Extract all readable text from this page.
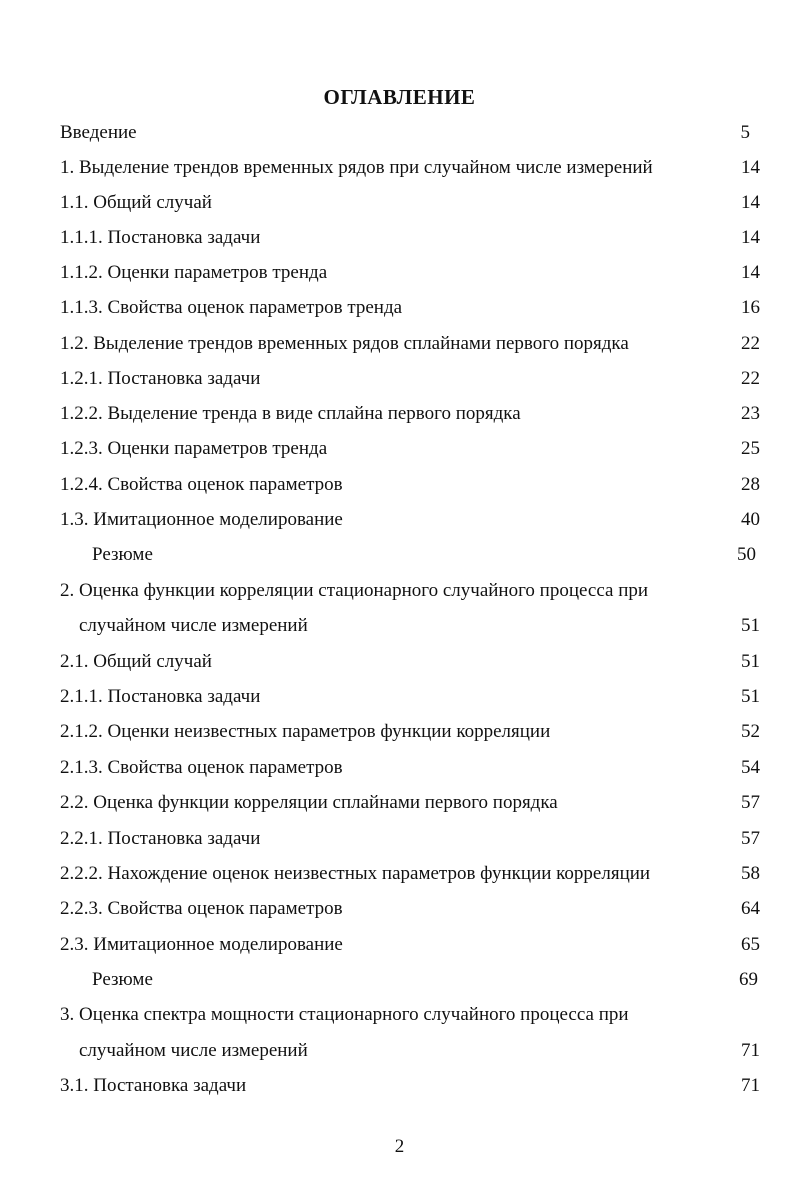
ОГЛАВЛЕНИЕ
Введение	5
1. Выделение трендов временных рядов при случайном числе измерений	14
1.1. Общий случай	14
1.1.1. Постановка задачи	14
1.1.2. Оценки параметров тренда	14
1.1.3. Свойства оценок параметров тренда	16
1.2. Выделение трендов временных рядов сплайнами первого порядка	22
1.2.1. Постановка задачи	22
1.2.2. Выделение тренда в виде сплайна первого порядка	23
1.2.3. Оценки параметров тренда	25
1.2.4. Свойства оценок параметров	28
1.3. Имитационное моделирование	40
Резюме	50
2. Оценка функции корреляции стационарного случайного процесса при
случайном числе измерений	51
2.1. Общий случай	51
2.1.1. Постановка задачи	51
2.1.2. Оценки неизвестных параметров функции корреляции	52
2.1.3. Свойства оценок параметров	54
2.2. Оценка функции корреляции сплайнами первого порядка	57
2.2.1. Постановка задачи	57
2.2.2. Нахождение оценок неизвестных параметров функции корреляции	58
2.2.3. Свойства оценок параметров	64
2.3. Имитационное моделирование	65
Резюме	69
3. Оценка спектра мощности стационарного случайного процесса при
случайном числе измерений	71
3.1. Постановка задачи	71
2
